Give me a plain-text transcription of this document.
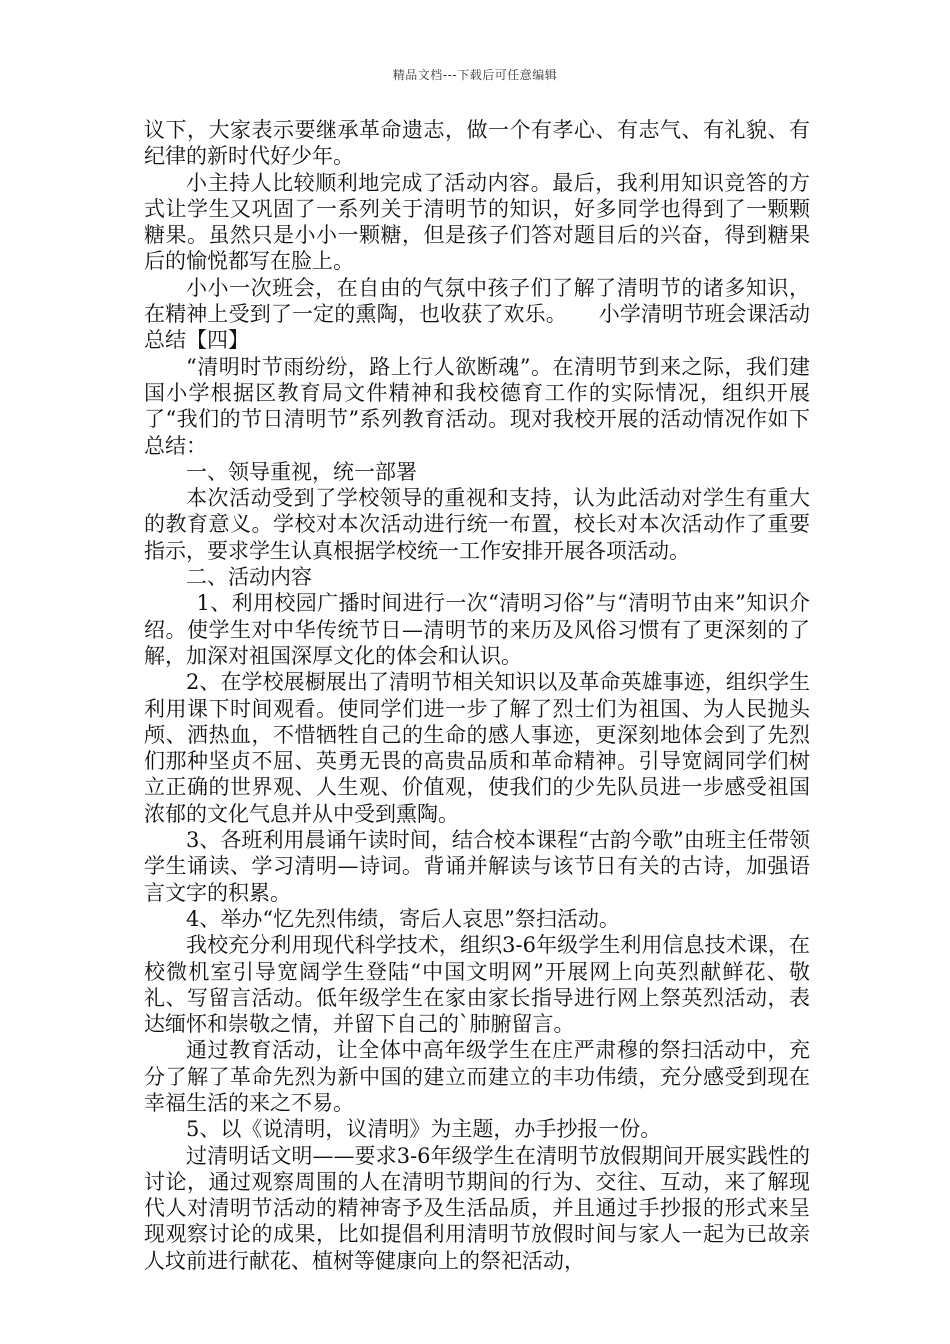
精品文档---下载后可任意编辑

议下，大家表示要继承革命遗志，做一个有孝心、有志气、有礼貌、有纪律的新时代好少年。

小主持人比较顺利地完成了活动内容。最后，我利用知识竞答的方式让学生又巩固了一系列关于清明节的知识，好多同学也得到了一颗颗糖果。虽然只是小小一颗糖，但是孩子们答对题目后的兴奋，得到糖果后的愉悦都写在脸上。

小小一次班会，在自由的气氛中孩子们了解了清明节的诸多知识，在精神上受到了一定的熏陶，也收获了欢乐。　　小学清明节班会课活动总结【四】

“清明时节雨纷纷，路上行人欲断魂”。在清明节到来之际，我们建国小学根据区教育局文件精神和我校德育工作的实际情况，组织开展了“我们的节日清明节”系列教育活动。现对我校开展的活动情况作如下总结：

一、领导重视，统一部署

本次活动受到了学校领导的重视和支持，认为此活动对学生有重大的教育意义。学校对本次活动进行统一布置，校长对本次活动作了重要指示，要求学生认真根据学校统一工作安排开展各项活动。

二、活动内容

1、利用校园广播时间进行一次“清明习俗”与“清明节由来”知识介绍。使学生对中华传统节日—清明节的来历及风俗习惯有了更深刻的了解，加深对祖国深厚文化的体会和认识。

2、在学校展橱展出了清明节相关知识以及革命英雄事迹，组织学生利用课下时间观看。使同学们进一步了解了烈士们为祖国、为人民抛头颅、洒热血，不惜牺牲自己的生命的感人事迹，更深刻地体会到了先烈们那种坚贞不屈、英勇无畏的高贵品质和革命精神。引导宽阔同学们树立正确的世界观、人生观、价值观，使我们的少先队员进一步感受祖国浓郁的文化气息并从中受到熏陶。

3、各班利用晨诵午读时间，结合校本课程“古韵今歌”由班主任带领学生诵读、学习清明—诗词。背诵并解读与该节日有关的古诗，加强语言文字的积累。

4、举办“忆先烈伟绩，寄后人哀思”祭扫活动。

我校充分利用现代科学技术，组织3-6年级学生利用信息技术课，在校微机室引导宽阔学生登陆“中国文明网”开展网上向英烈献鲜花、敬礼、写留言活动。低年级学生在家由家长指导进行网上祭英烈活动，表达缅怀和崇敬之情，并留下自己的`肺腑留言。

通过教育活动，让全体中高年级学生在庄严肃穆的祭扫活动中，充分了解了革命先烈为新中国的建立而建立的丰功伟绩，充分感受到现在幸福生活的来之不易。

5、以《说清明，议清明》为主题，办手抄报一份。

过清明话文明——要求3-6年级学生在清明节放假期间开展实践性的讨论，通过观察周围的人在清明节期间的行为、交往、互动，来了解现代人对清明节活动的精神寄予及生活品质，并且通过手抄报的形式来呈现观察讨论的成果，比如提倡利用清明节放假时间与家人一起为已故亲人坟前进行献花、植树等健康向上的祭祀活动，
